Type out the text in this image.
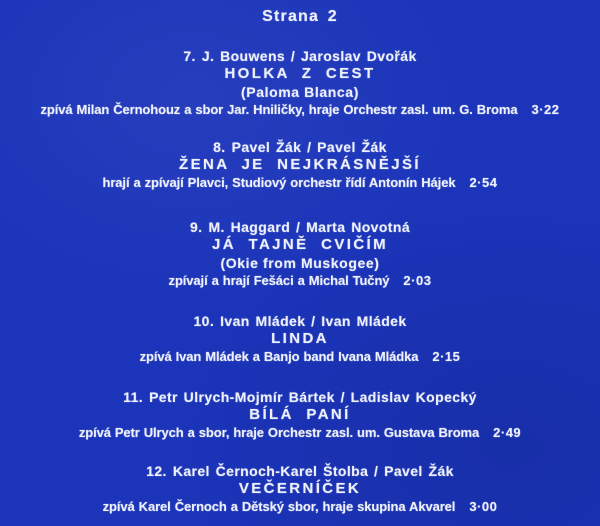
Strana 2
7. J. Bouwens / Jaroslav Dvořák
HOLKA Z CEST
(Paloma Blanca)
zpívá Milan Černohouz a sbor Jar. Hniličky, hraje Orchestr zasl. um. G. Broma 3·22
8. Pavel Žák / Pavel Žák
ŽENA JE NEJKRÁSNĚJŠÍ
hrají a zpívají Plavci, Studiový orchestr řídí Antonín Hájek 2·54
9. M. Haggard / Marta Novotná
JÁ TAJNĚ CVIČÍM
(Okie from Muskogee)
zpívají a hrají Fešáci a Michal Tučný 2·03
10. Ivan Mládek / Ivan Mládek
LINDA
zpívá Ivan Mládek a Banjo band Ivana Mládka 2·15
11. Petr Ulrych-Mojmír Bártek / Ladislav Kopecký
BÍLÁ PANÍ
zpívá Petr Ulrych a sbor, hraje Orchestr zasl. um. Gustava Broma 2·49
12. Karel Černoch-Karel Štolba / Pavel Žák
VEČERNÍČEK
zpívá Karel Černoch a Dětský sbor, hraje skupina Akvarel 3·00
